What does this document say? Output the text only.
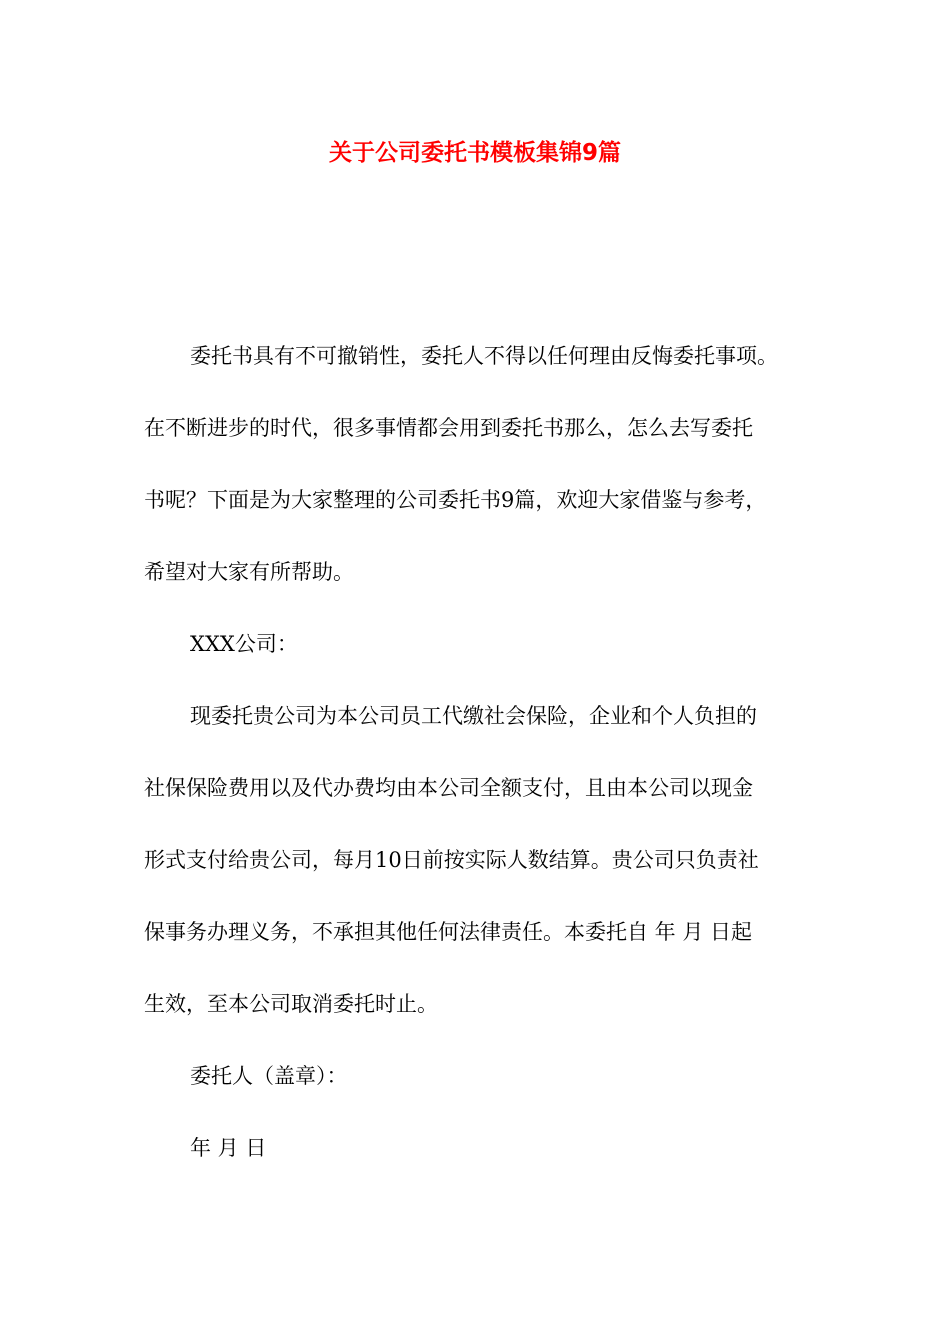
关于公司委托书模板集锦9篇

委托书具有不可撤销性，委托人不得以任何理由反悔委托事项。
在不断进步的时代，很多事情都会用到委托书那么，怎么去写委托
书呢？下面是为大家整理的公司委托书9篇，欢迎大家借鉴与参考，
希望对大家有所帮助。

XXX公司：

现委托贵公司为本公司员工代缴社会保险，企业和个人负担的
社保保险费用以及代办费均由本公司全额支付，且由本公司以现金
形式支付给贵公司，每月10日前按实际人数结算。贵公司只负责社
保事务办理义务，不承担其他任何法律责任。本委托自 年 月 日起
生效，至本公司取消委托时止。

委托人（盖章）：

年 月 日
